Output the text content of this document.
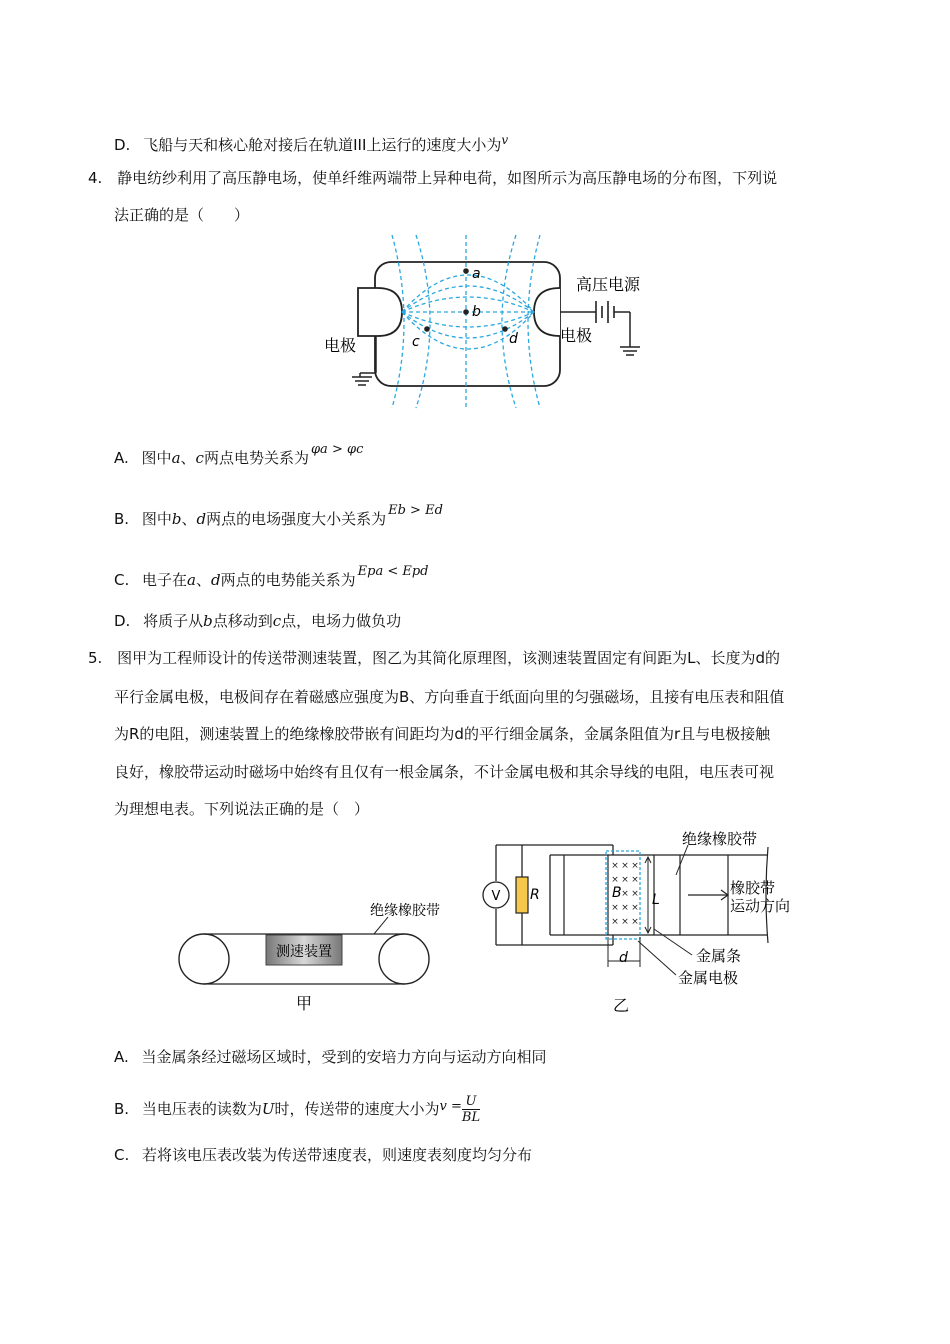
D. 飞船与天和核心舱对接后在轨道III上运行的速度大小为$^v$
4. 静电纺纱利用了高压静电场，使单纤维两端带上异种电荷，如图所示为高压静电场的分布图，下列说
法正确的是（　　）
a
b
c	d
电极
电极
高压电源
A. 图中a、c两点电势关系为 φa > φc
B. 图中b、d两点的电场强度大小关系为 Eb > Ed
C. 电子在a、d两点的电势能关系为 Epa < Epd
D. 将质子从b点移动到c点，电场力做负功
5. 图甲为工程师设计的传送带测速装置，图乙为其简化原理图，该测速装置固定有间距为L、长度为d的
平行金属电极，电极间存在着磁感应强度为B、方向垂直于纸面向里的匀强磁场，且接有电压表和阻值
为R的电阻，测速装置上的绝缘橡胶带嵌有间距均为d的平行细金属条，金属条阻值为r且与电极接触
良好，橡胶带运动时磁场中始终有且仅有一根金属条，不计金属电极和其余导线的电阻，电压表可视
为理想电表。下列说法正确的是（　）
测速装置
绝缘橡胶带
甲
V R
× × ×
× × ×
× ×
× × ×
× × ×
B L
d
橡胶带
运动方向
绝缘橡胶带
金属条
金属电极
乙
A. 当金属条经过磁场区域时，受到的安培力方向与运动方向相同
B. 当电压表的读数为U时，传送带的速度大小为$v = \frac{U}{BL}$
C. 若将该电压表改装为传送带速度表，则速度表刻度均匀分布
